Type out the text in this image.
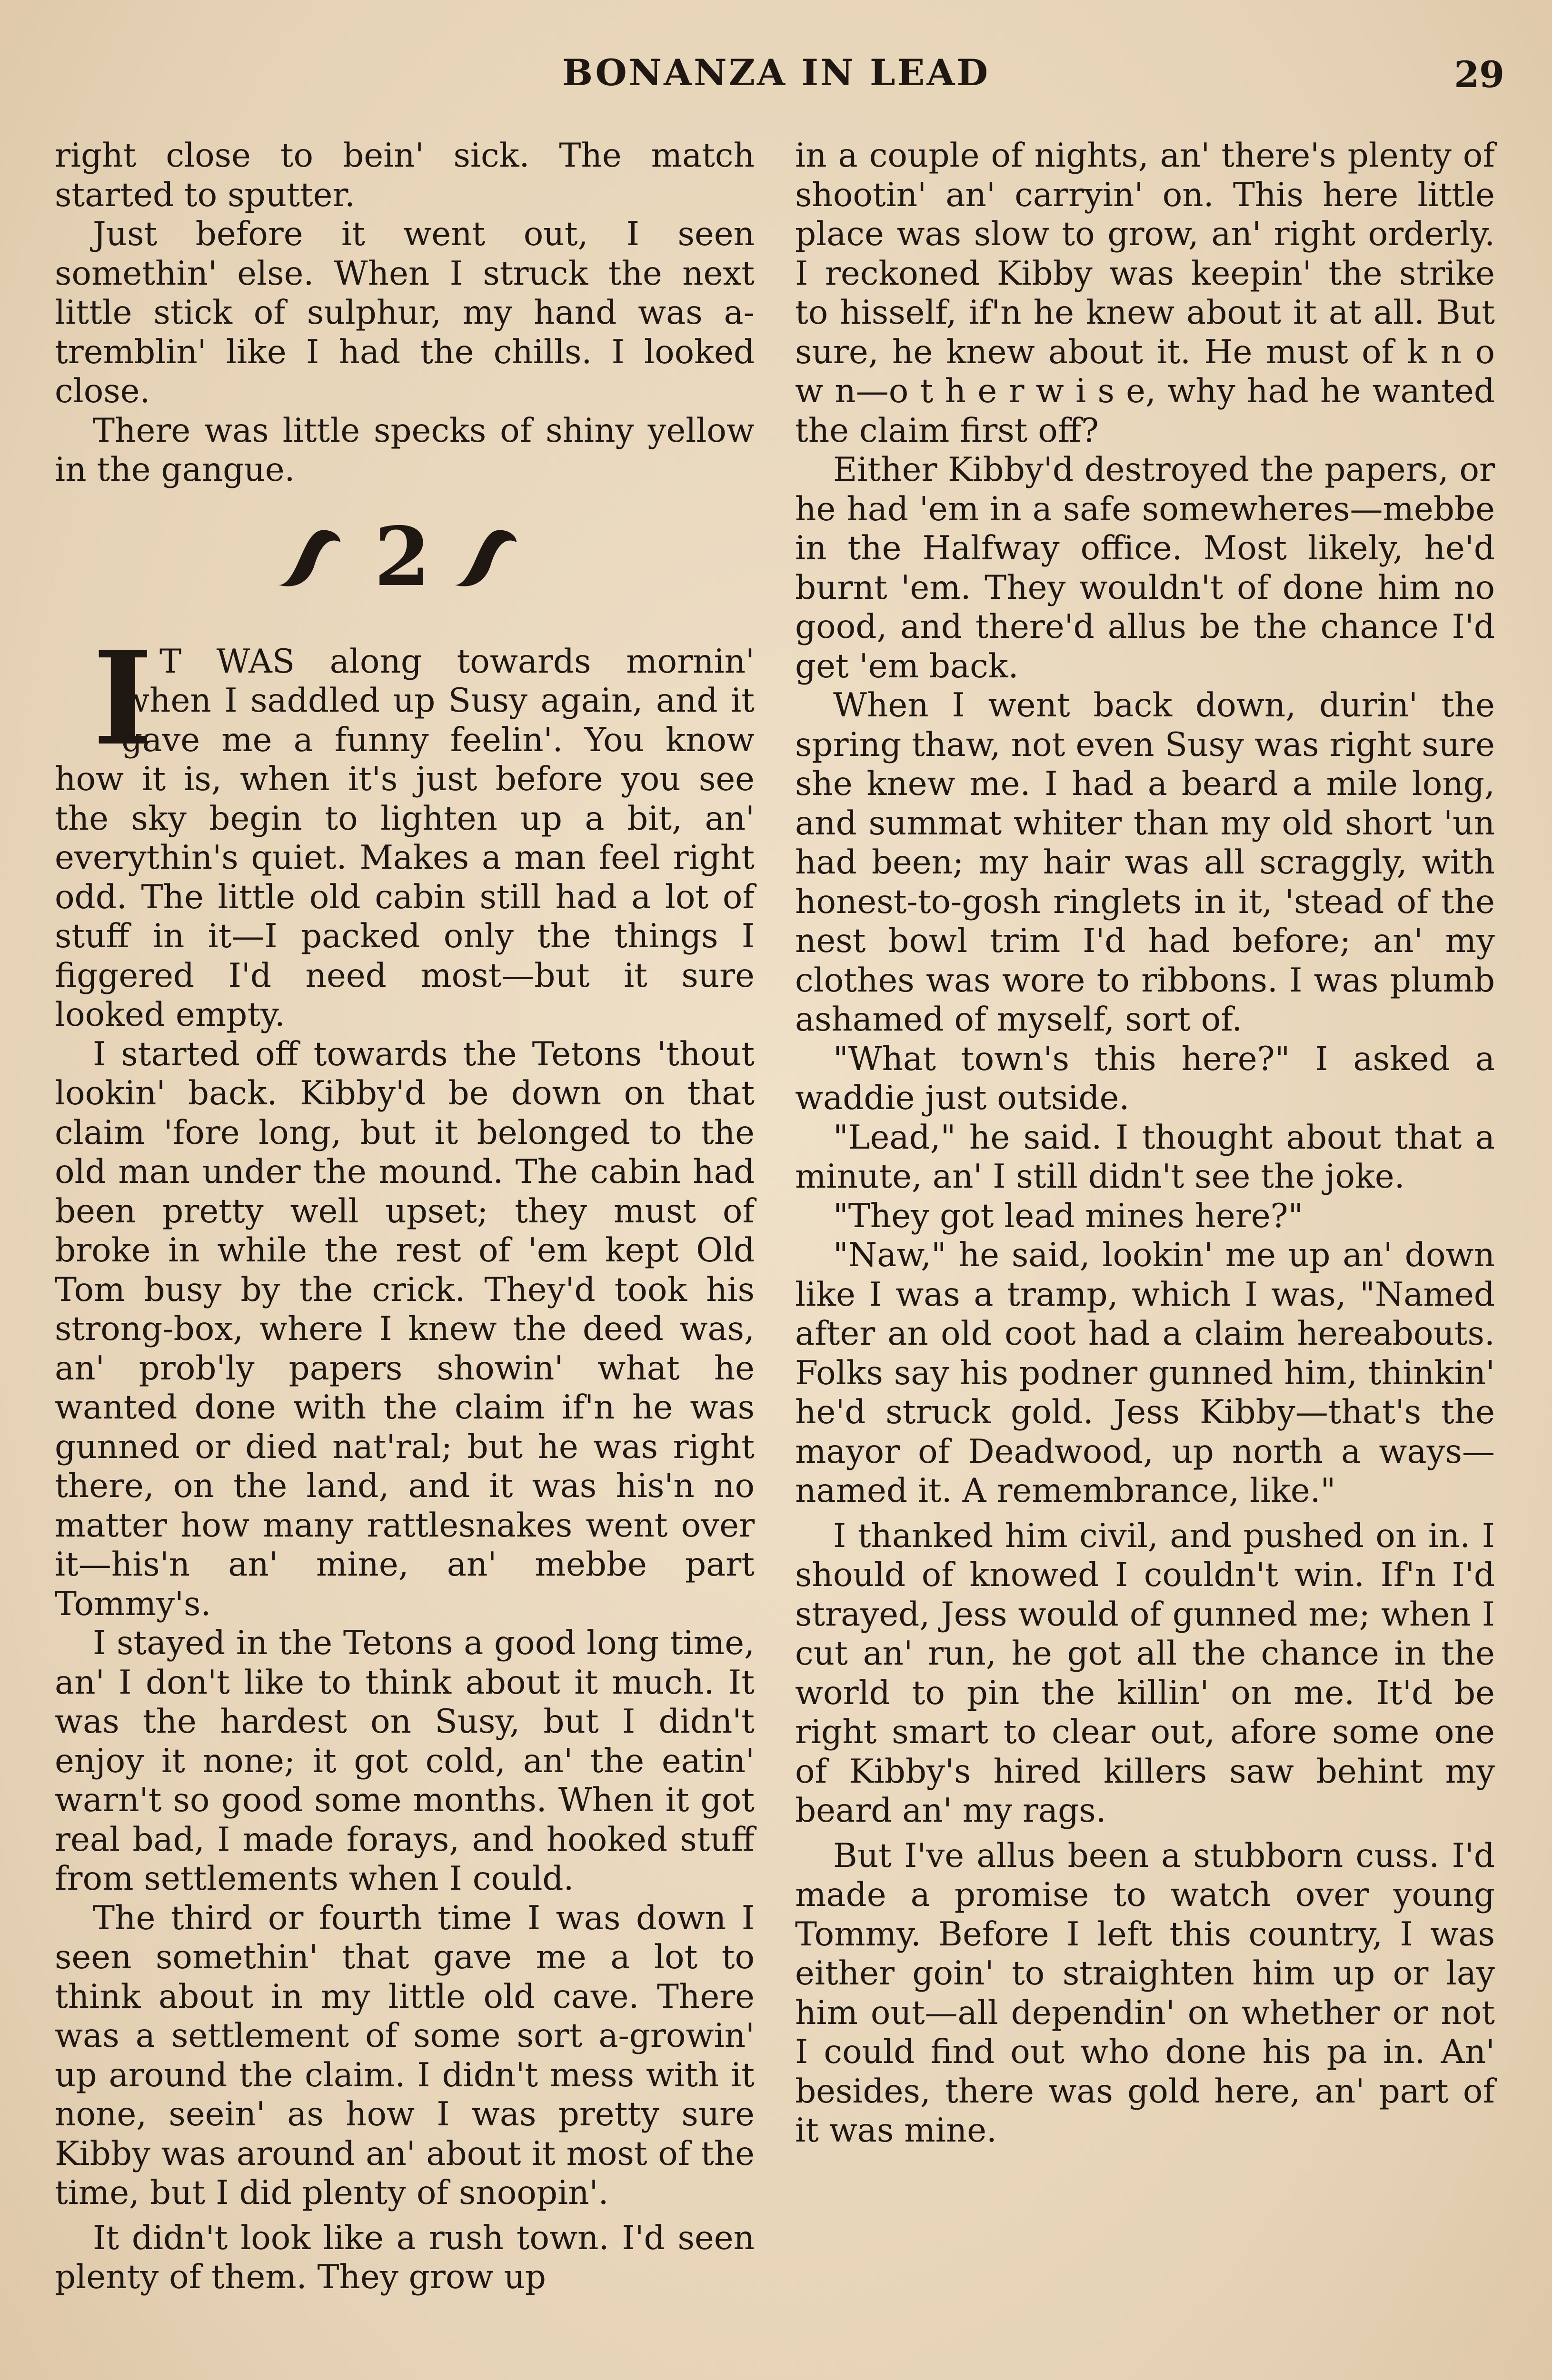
BONANZA IN LEAD	29

right close to bein' sick. The match started to sputter.

Just before it went out, I seen somethin' else. When I struck the next little stick of sulphur, my hand was a-tremblin' like I had the chills. I looked close.

There was little specks of shiny yellow in the gangue.

2

I T WAS along towards mornin' when I saddled up Susy again, and it gave me a funny feelin'. You know how it is, when it's just before you see the sky begin to lighten up a bit, an' everythin's quiet. Makes a man feel right odd. The little old cabin still had a lot of stuff in it—I packed only the things I figgered I'd need most—but it sure looked empty.

I started off towards the Tetons 'thout lookin' back. Kibby'd be down on that claim 'fore long, but it belonged to the old man under the mound. The cabin had been pretty well upset; they must of broke in while the rest of 'em kept Old Tom busy by the crick. They'd took his strong-box, where I knew the deed was, an' prob'ly papers showin' what he wanted done with the claim if'n he was gunned or died nat'ral; but he was right there, on the land, and it was his'n no matter how many rattlesnakes went over it—his'n an' mine, an' mebbe part Tommy's.

I stayed in the Tetons a good long time, an' I don't like to think about it much. It was the hardest on Susy, but I didn't enjoy it none; it got cold, an' the eatin' warn't so good some months. When it got real bad, I made forays, and hooked stuff from settlements when I could.

The third or fourth time I was down I seen somethin' that gave me a lot to think about in my little old cave. There was a settlement of some sort a-growin' up around the claim. I didn't mess with it none, seein' as how I was pretty sure Kibby was around an' about it most of the time, but I did plenty of snoopin'.

It didn't look like a rush town. I'd seen plenty of them. They grow up

in a couple of nights, an' there's plenty of shootin' an' carryin' on. This here little place was slow to grow, an' right orderly. I reckoned Kibby was keepin' the strike to hisself, if'n he knew about it at all. But sure, he knew about it. He must of k n o w n—o t h e r w i s e, why had he wanted the claim first off?

Either Kibby'd destroyed the papers, or he had 'em in a safe somewheres—mebbe in the Halfway office. Most likely, he'd burnt 'em. They wouldn't of done him no good, and there'd allus be the chance I'd get 'em back.

When I went back down, durin' the spring thaw, not even Susy was right sure she knew me. I had a beard a mile long, and summat whiter than my old short 'un had been; my hair was all scraggly, with honest-to-gosh ringlets in it, 'stead of the nest bowl trim I'd had before; an' my clothes was wore to ribbons. I was plumb ashamed of myself, sort of.

"What town's this here?" I asked a waddie just outside.

"Lead," he said. I thought about that a minute, an' I still didn't see the joke.

"They got lead mines here?"

"Naw," he said, lookin' me up an' down like I was a tramp, which I was, "Named after an old coot had a claim hereabouts. Folks say his podner gunned him, thinkin' he'd struck gold. Jess Kibby—that's the mayor of Deadwood, up north a ways—named it. A remembrance, like."

I thanked him civil, and pushed on in. I should of knowed I couldn't win. If'n I'd strayed, Jess would of gunned me; when I cut an' run, he got all the chance in the world to pin the killin' on me. It'd be right smart to clear out, afore some one of Kibby's hired killers saw behint my beard an' my rags.

But I've allus been a stubborn cuss. I'd made a promise to watch over young Tommy. Before I left this country, I was either goin' to straighten him up or lay him out—all dependin' on whether or not I could find out who done his pa in. An' besides, there was gold here, an' part of it was mine.
